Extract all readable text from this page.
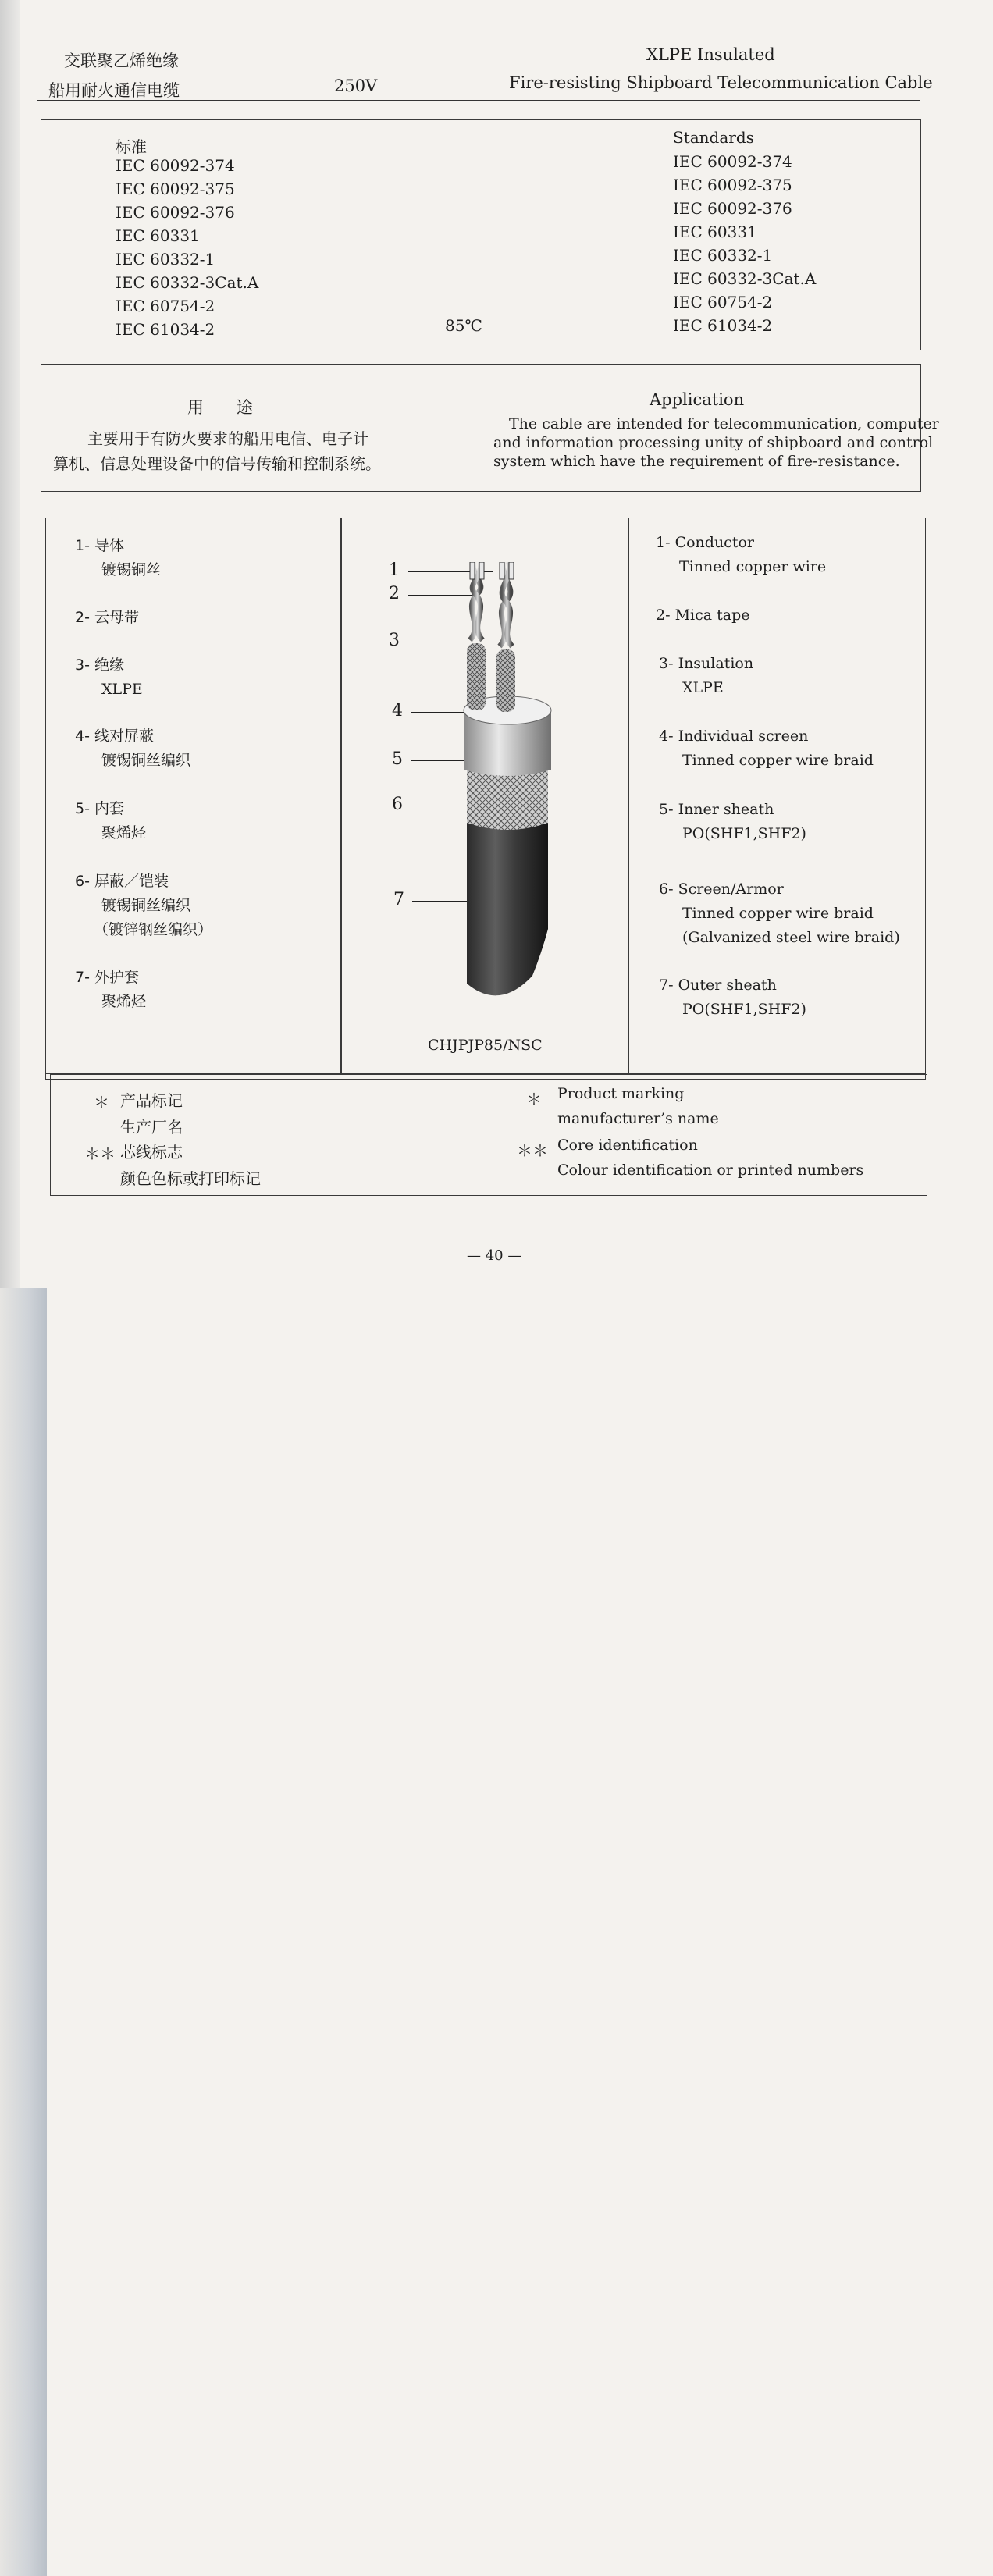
交联聚乙烯绝缘
船用耐火通信电缆	250V
XLPE Insulated
Fire-resisting Shipboard Telecommunication Cable
标准
IEC 60092-374
IEC 60092-375
IEC 60092-376
IEC 60331
IEC 60332-1
IEC 60332-3Cat.A
IEC 60754-2
IEC 61034-2	85℃
Standards
IEC 60092-374
IEC 60092-375
IEC 60092-376
IEC 60331
IEC 60332-1
IEC 60332-3Cat.A
IEC 60754-2
IEC 61034-2
用　　途
主要用于有防火要求的船用电信、电子计
算机、信息处理设备中的信号传输和控制系统。
Application
The cable are intended for telecommunication, computer
and information processing unity of shipboard and control
system which have the requirement of fire-resistance.
1- 导体
镀锡铜丝
2- 云母带
3- 绝缘
XLPE
4- 线对屏蔽
镀锡铜丝编织
5- 内套
聚烯烃
6- 屏蔽／铠装
镀锡铜丝编织
（镀锌钢丝编织）
7- 外护套
聚烯烃
1- Conductor
Tinned copper wire
2- Mica tape
3- Insulation
XLPE
4- Individual screen
Tinned copper wire braid
5- Inner sheath
PO(SHF1,SHF2)
6- Screen/Armor
Tinned copper wire braid
(Galvanized steel wire braid)
7- Outer sheath
PO(SHF1,SHF2)
1
2
3
4
5
6
7
CHJPJP85/NSC
＊ 产品标记
生产厂名
＊＊ 芯线标志
颜色色标或打印标记
＊ Product marking
manufacturer’s name
＊＊ Core identification
Colour identification or printed numbers
— 40 —
